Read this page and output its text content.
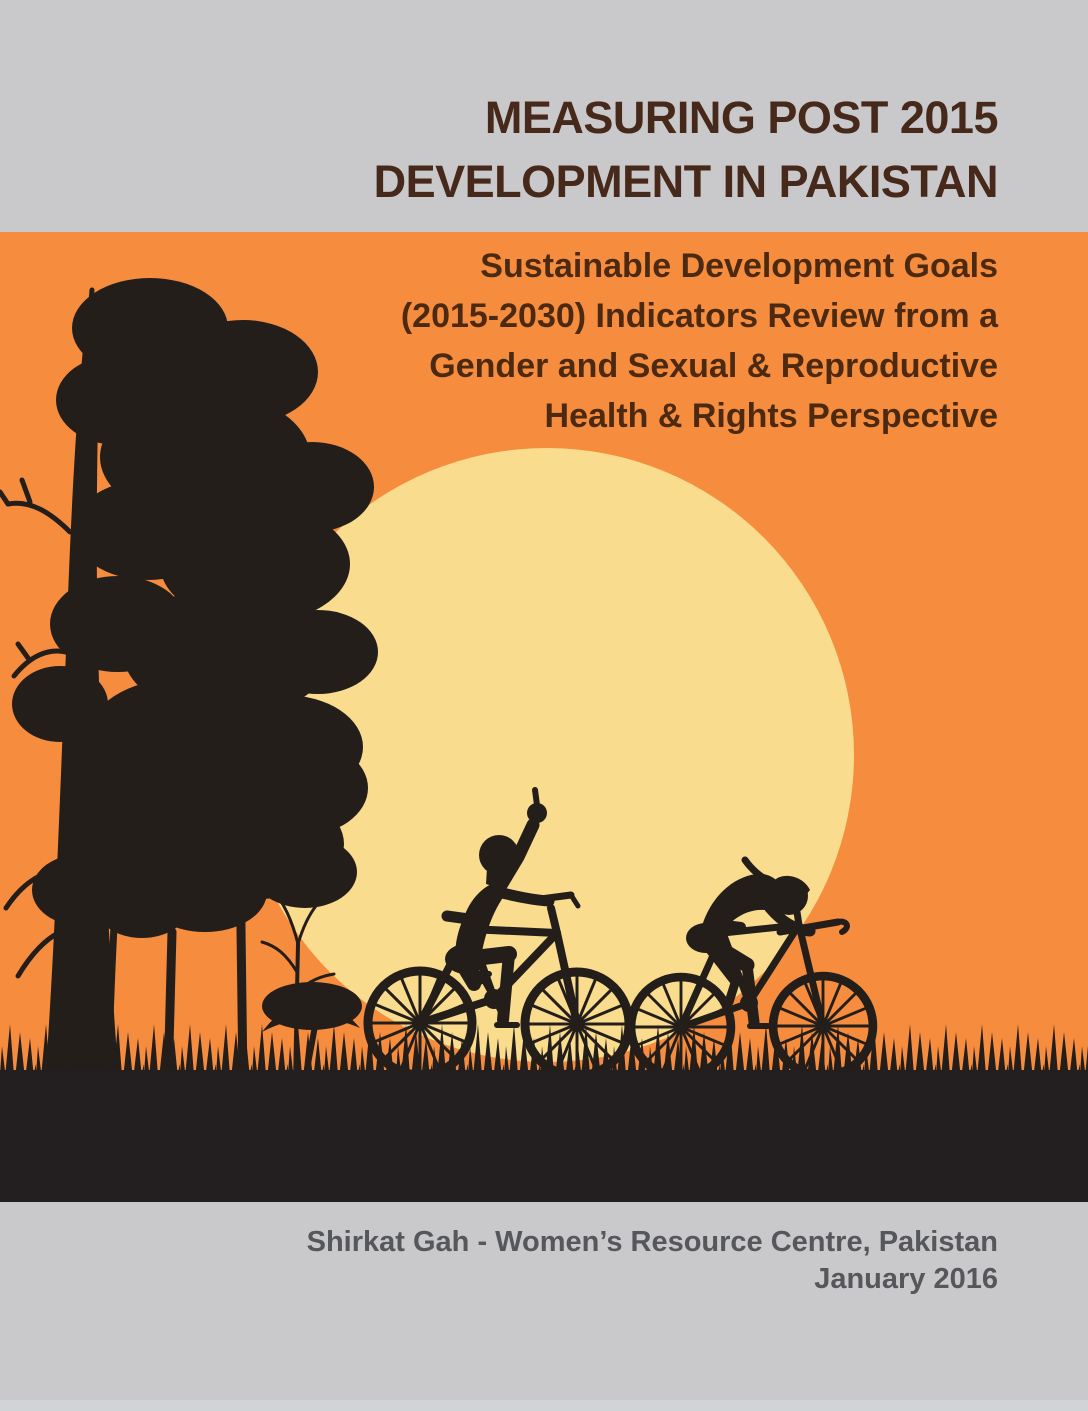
MEASURING POST 2015
DEVELOPMENT IN PAKISTAN
Sustainable Development Goals
(2015-2030) Indicators Review from a
Gender and Sexual & Reproductive
Health & Rights Perspective
Shirkat Gah - Women’s Resource Centre, Pakistan
January 2016
